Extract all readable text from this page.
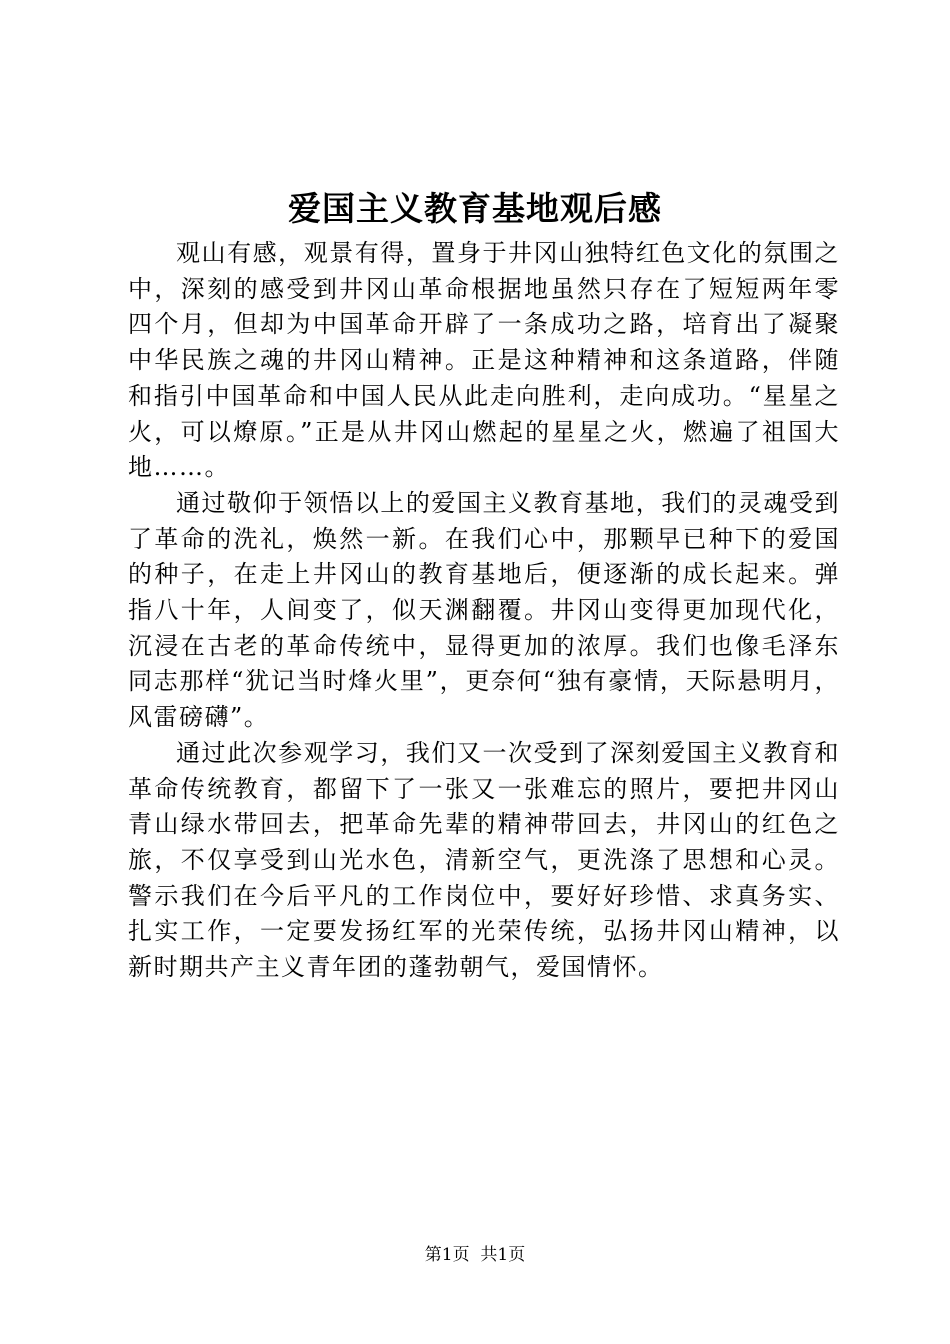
爱国主义教育基地观后感

观山有感，观景有得，置身于井冈山独特红色文化的氛围之中，深刻的感受到井冈山革命根据地虽然只存在了短短两年零四个月，但却为中国革命开辟了一条成功之路，培育出了凝聚中华民族之魂的井冈山精神。正是这种精神和这条道路，伴随和指引中国革命和中国人民从此走向胜利，走向成功。“星星之火，可以燎原。”正是从井冈山燃起的星星之火，燃遍了祖国大地……。

通过敬仰于领悟以上的爱国主义教育基地，我们的灵魂受到了革命的洗礼，焕然一新。在我们心中，那颗早已种下的爱国的种子，在走上井冈山的教育基地后，便逐渐的成长起来。弹指八十年，人间变了，似天渊翻覆。井冈山变得更加现代化，沉浸在古老的革命传统中，显得更加的浓厚。我们也像毛泽东同志那样“犹记当时烽火里”，更奈何“独有豪情，天际悬明月，风雷磅礴”。

通过此次参观学习，我们又一次受到了深刻爱国主义教育和革命传统教育，都留下了一张又一张难忘的照片，要把井冈山青山绿水带回去，把革命先辈的精神带回去，井冈山的红色之旅，不仅享受到山光水色，清新空气，更洗涤了思想和心灵。警示我们在今后平凡的工作岗位中，要好好珍惜、求真务实、扎实工作，一定要发扬红军的光荣传统，弘扬井冈山精神，以新时期共产主义青年团的蓬勃朝气，爱国情怀。

第1页 共1页
